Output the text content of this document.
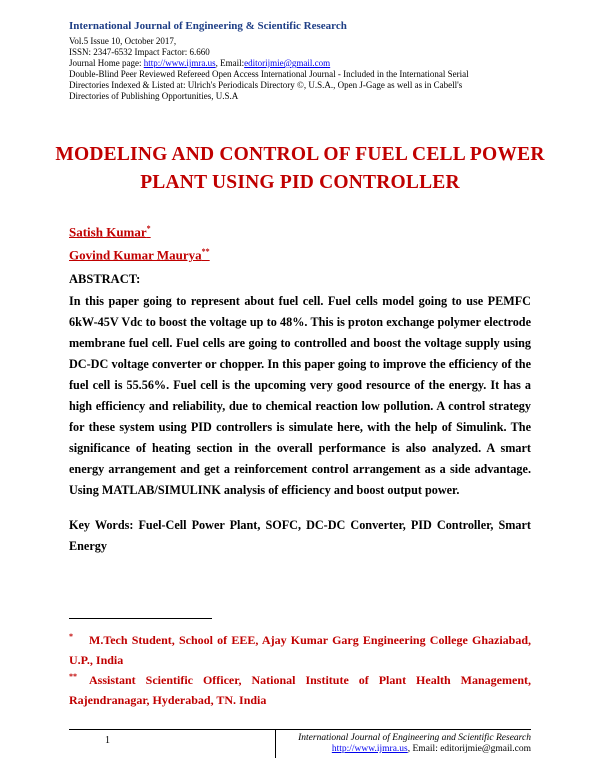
International Journal of Engineering & Scientific Research
Vol.5 Issue 10, October 2017,
ISSN: 2347-6532 Impact Factor: 6.660
Journal Home page: http://www.ijmra.us, Email:editorijmie@gmail.com
Double-Blind Peer Reviewed Refereed Open Access International Journal - Included in the International Serial
Directories Indexed & Listed at: Ulrich's Periodicals Directory ©, U.S.A., Open J-Gage as well as in Cabell's
Directories of Publishing Opportunities, U.S.A
MODELING AND CONTROL OF FUEL CELL POWER
PLANT USING PID CONTROLLER
Satish Kumar*
Govind Kumar Maurya**
ABSTRACT:
In this paper going to represent about fuel cell. Fuel cells model going to use PEMFC 6kW-45V Vdc to boost the voltage up to 48%. This is proton exchange polymer electrode membrane fuel cell. Fuel cells are going to controlled and boost the voltage supply using DC-DC voltage converter or chopper. In this paper going to improve the efficiency of the fuel cell is 55.56%. Fuel cell is the upcoming very good resource of the energy. It has a high efficiency and reliability, due to chemical reaction low pollution. A control strategy for these system using PID controllers is simulate here, with the help of Simulink. The significance of heating section in the overall performance is also analyzed. A smart energy arrangement and get a reinforcement control arrangement as a side advantage. Using MATLAB/SIMULINK analysis of efficiency and boost output power.
Key Words: Fuel-Cell Power Plant, SOFC, DC-DC Converter, PID Controller, Smart Energy
* M.Tech Student, School of EEE, Ajay Kumar Garg Engineering College Ghaziabad, U.P., India
** Assistant Scientific Officer, National Institute of Plant Health Management, Rajendranagar, Hyderabad, TN. India
1	International Journal of Engineering and Scientific Research
http://www.ijmra.us, Email: editorijmie@gmail.com
